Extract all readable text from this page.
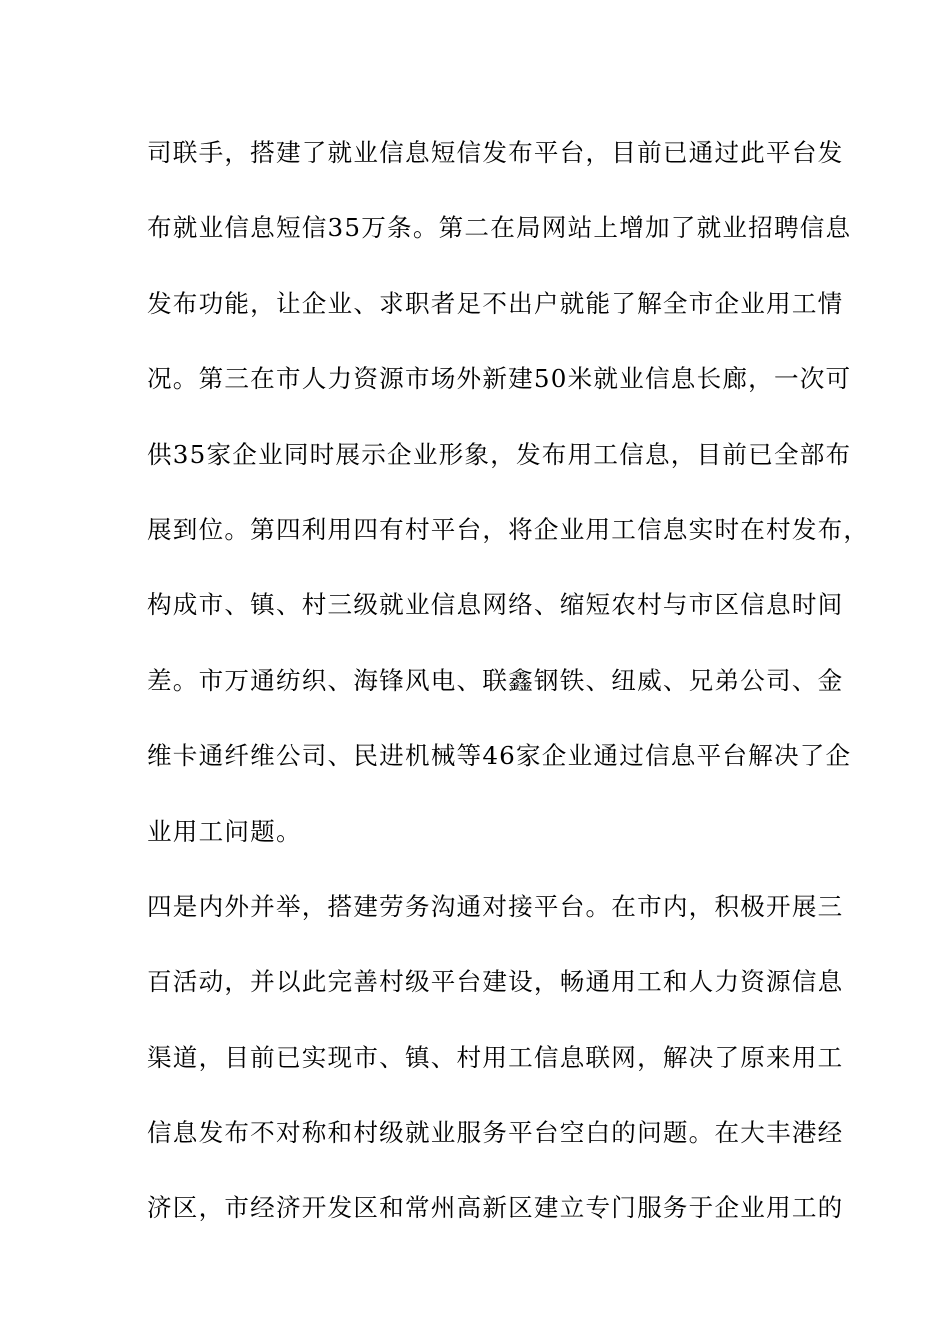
司联手，搭建了就业信息短信发布平台，目前已通过此平台发
布就业信息短信35万条。第二在局网站上增加了就业招聘信息
发布功能，让企业、求职者足不出户就能了解全市企业用工情
况。第三在市人力资源市场外新建50米就业信息长廊，一次可
供35家企业同时展示企业形象，发布用工信息，目前已全部布
展到位。第四利用四有村平台，将企业用工信息实时在村发布，
构成市、镇、村三级就业信息网络、缩短农村与市区信息时间
差。市万通纺织、海锋风电、联鑫钢铁、纽威、兄弟公司、金
维卡通纤维公司、民进机械等46家企业通过信息平台解决了企
业用工问题。
四是内外并举，搭建劳务沟通对接平台。在市内，积极开展三
百活动，并以此完善村级平台建设，畅通用工和人力资源信息
渠道，目前已实现市、镇、村用工信息联网，解决了原来用工
信息发布不对称和村级就业服务平台空白的问题。在大丰港经
济区，市经济开发区和常州高新区建立专门服务于企业用工的
